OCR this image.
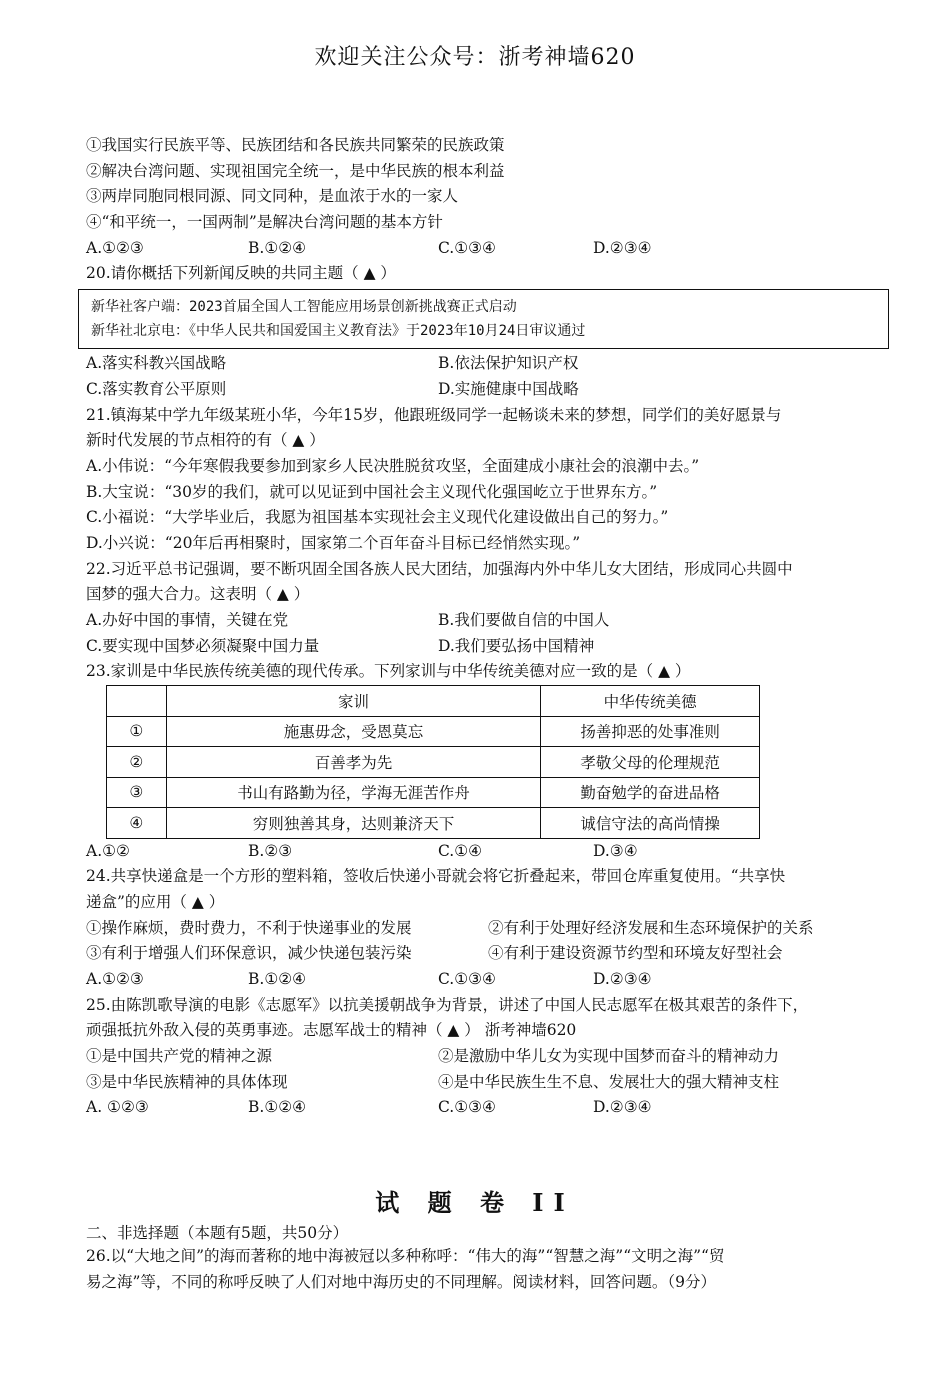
欢迎关注公众号：浙考神墙620
①我国实行民族平等、民族团结和各民族共同繁荣的民族政策
②解决台湾问题、实现祖国完全统一，是中华民族的根本利益
③两岸同胞同根同源、同文同种，是血浓于水的一家人
④“和平统一，一国两制”是解决台湾问题的基本方针
A.①②③	B.①②④	C.①③④	D.②③④
20.请你概括下列新闻反映的共同主题（ ▲ ）
新华社客户端：2023首届全国人工智能应用场景创新挑战赛正式启动
新华社北京电：《中华人民共和国爱国主义教育法》于2023年10月24日审议通过
A.落实科教兴国战略	B.依法保护知识产权
C.落实教育公平原则	D.实施健康中国战略
21.镇海某中学九年级某班小华，今年15岁，他跟班级同学一起畅谈未来的梦想，同学们的美好愿景与
新时代发展的节点相符的有（ ▲ ）
A.小伟说：“今年寒假我要参加到家乡人民决胜脱贫攻坚，全面建成小康社会的浪潮中去。”
B.大宝说：“30岁的我们，就可以见证到中国社会主义现代化强国屹立于世界东方。”
C.小福说：“大学毕业后，我愿为祖国基本实现社会主义现代化建设做出自己的努力。”
D.小兴说：“20年后再相聚时，国家第二个百年奋斗目标已经悄然实现。”
22.习近平总书记强调，要不断巩固全国各族人民大团结，加强海内外中华儿女大团结，形成同心共圆中
国梦的强大合力。这表明（ ▲ ）
A.办好中国的事情，关键在党	B.我们要做自信的中国人
C.要实现中国梦必须凝聚中国力量	D.我们要弘扬中国精神
23.家训是中华民族传统美德的现代传承。下列家训与中华传统美德对应一致的是（ ▲ ）
	家训	中华传统美德
①	施惠毋念，受恩莫忘	扬善抑恶的处事准则
②	百善孝为先	孝敬父母的伦理规范
③	书山有路勤为径，学海无涯苦作舟	勤奋勉学的奋进品格
④	穷则独善其身，达则兼济天下	诚信守法的高尚情操
A.①②	B.②③	C.①④	D.③④
24.共享快递盒是一个方形的塑料箱，签收后快递小哥就会将它折叠起来，带回仓库重复使用。“共享快
递盒”的应用（ ▲ ）
①操作麻烦，费时费力，不利于快递事业的发展	②有利于处理好经济发展和生态环境保护的关系
③有利于增强人们环保意识，减少快递包装污染	④有利于建设资源节约型和环境友好型社会
A.①②③	B.①②④	C.①③④	D.②③④
25.由陈凯歌导演的电影《志愿军》以抗美援朝战争为背景，讲述了中国人民志愿军在极其艰苦的条件下，
顽强抵抗外敌入侵的英勇事迹。志愿军战士的精神（ ▲ ） 浙考神墙620
①是中国共产党的精神之源	②是激励中华儿女为实现中国梦而奋斗的精神动力
③是中华民族精神的具体体现	④是中华民族生生不息、发展壮大的强大精神支柱
A. ①②③	B.①②④	C.①③④	D.②③④
试 题 卷 II
二、非选择题（本题有5题，共50分）
26.以“大地之间”的海而著称的地中海被冠以多种称呼：“伟大的海”“智慧之海”“文明之海”“贸
易之海”等，不同的称呼反映了人们对地中海历史的不同理解。阅读材料，回答问题。（9分）
